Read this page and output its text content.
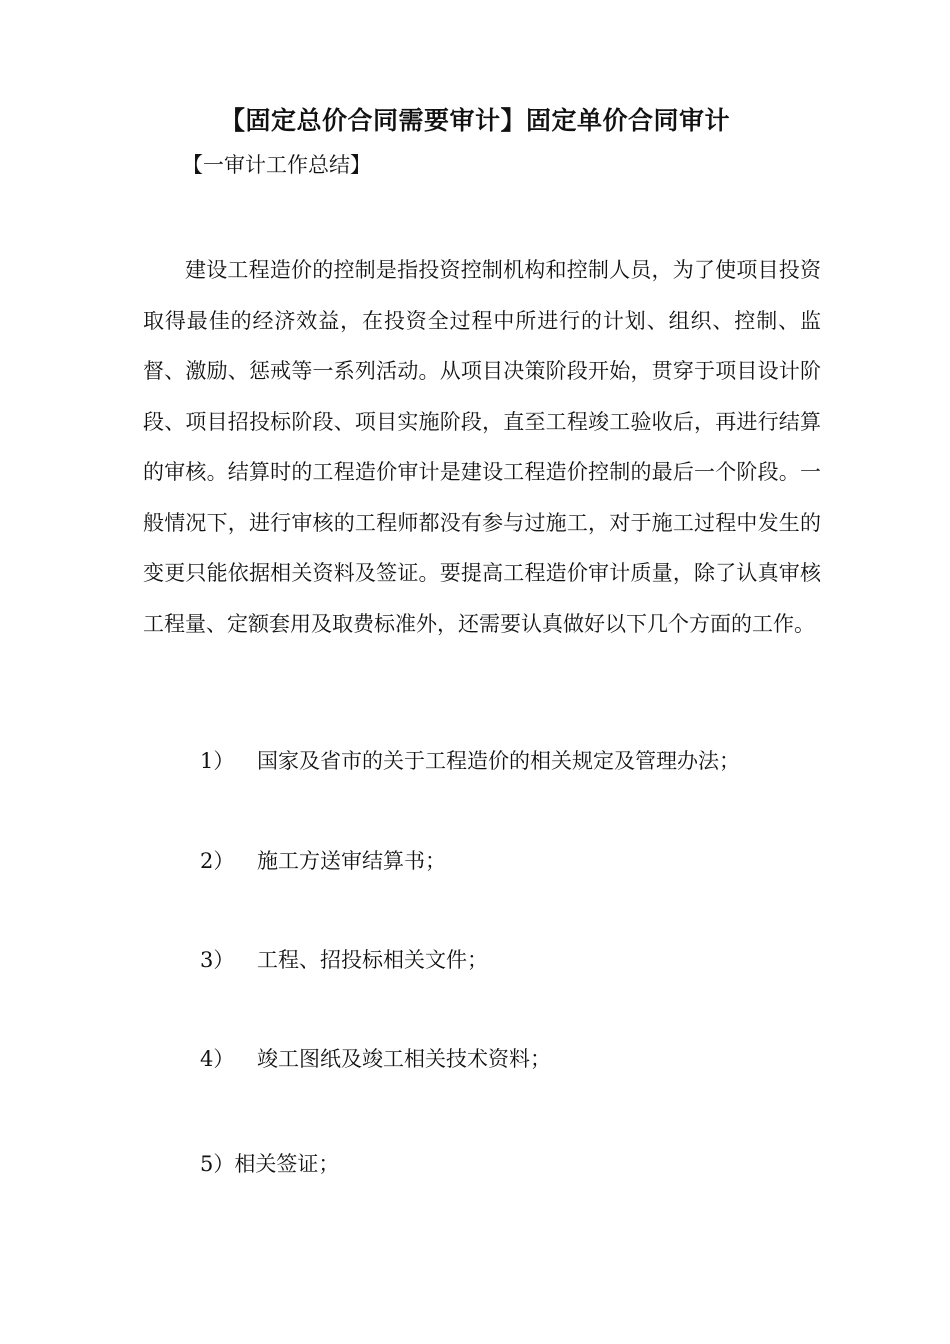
【固定总价合同需要审计】固定单价合同审计
【一审计工作总结】

建设工程造价的控制是指投资控制机构和控制人员，为了使项目投资取得最佳的经济效益，在投资全过程中所进行的计划、组织、控制、监督、激励、惩戒等一系列活动。从项目决策阶段开始，贯穿于项目设计阶段、项目招投标阶段、项目实施阶段，直至工程竣工验收后，再进行结算的审核。结算时的工程造价审计是建设工程造价控制的最后一个阶段。一般情况下，进行审核的工程师都没有参与过施工，对于施工过程中发生的变更只能依据相关资料及签证。要提高工程造价审计质量，除了认真审核工程量、定额套用及取费标准外，还需要认真做好以下几个方面的工作。

1） 国家及省市的关于工程造价的相关规定及管理办法；
2） 施工方送审结算书；
3） 工程、招投标相关文件；
4） 竣工图纸及竣工相关技术资料；
5）相关签证；
